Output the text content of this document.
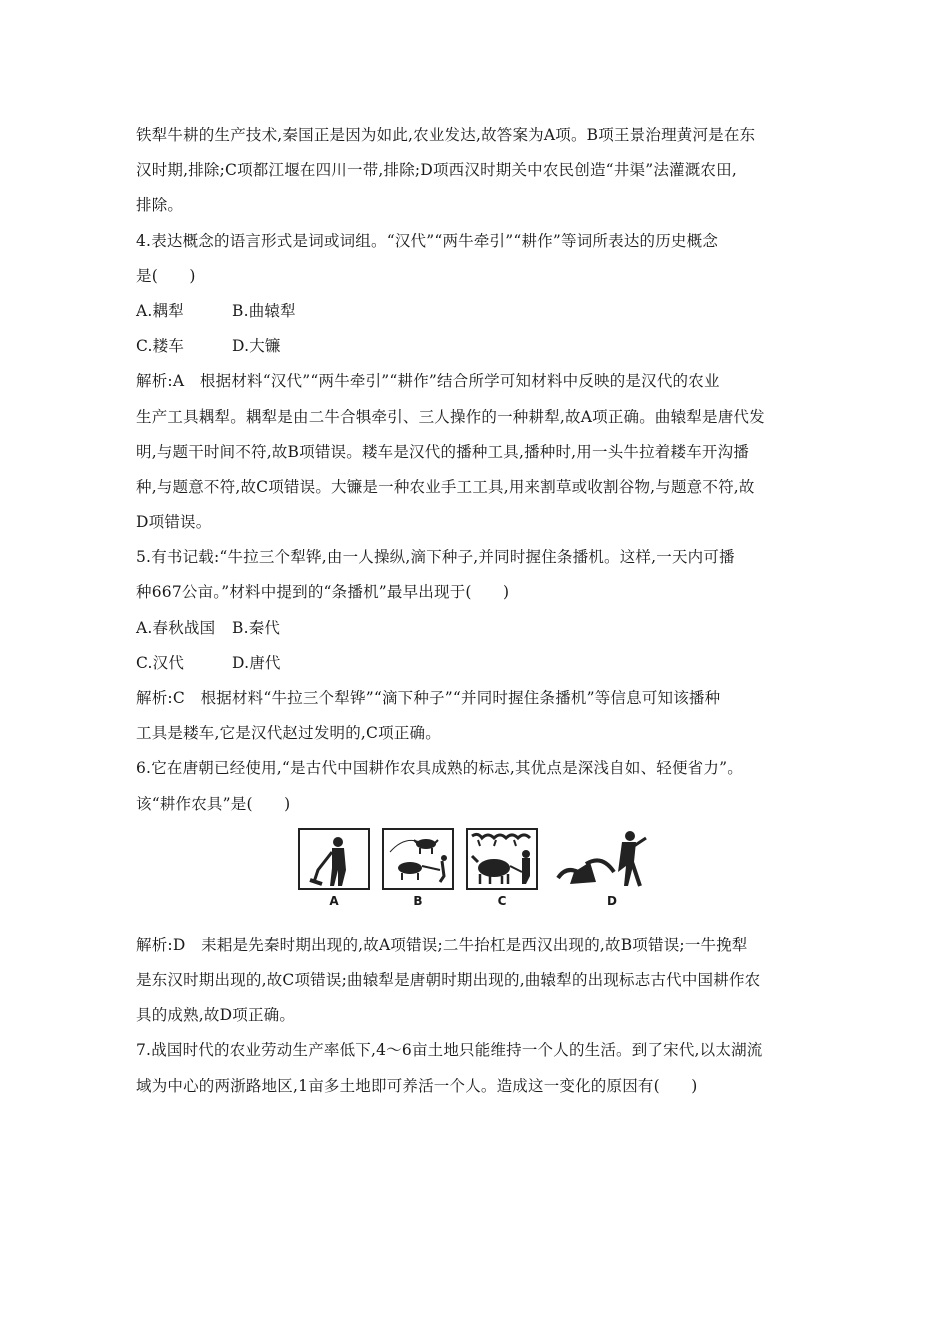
铁犁牛耕的生产技术,秦国正是因为如此,农业发达,故答案为A项。B项王景治理黄河是在东
汉时期,排除;C项都江堰在四川一带,排除;D项西汉时期关中农民创造“井渠”法灌溉农田,
排除。
4.表达概念的语言形式是词或词组。“汉代”“两牛牵引”“耕作”等词所表达的历史概念
是(　　)
A.耦犁	B.曲辕犁
C.耧车	D.大镰
解析:A　根据材料“汉代”“两牛牵引”“耕作”结合所学可知材料中反映的是汉代的农业
生产工具耦犁。耦犁是由二牛合犋牵引、三人操作的一种耕犁,故A项正确。曲辕犁是唐代发
明,与题干时间不符,故B项错误。耧车是汉代的播种工具,播种时,用一头牛拉着耧车开沟播
种,与题意不符,故C项错误。大镰是一种农业手工工具,用来割草或收割谷物,与题意不符,故
D项错误。
5.有书记载:“牛拉三个犁铧,由一人操纵,滴下种子,并同时握住条播机。这样,一天内可播
种667公亩。”材料中提到的“条播机”最早出现于(　　)
A.春秋战国 B.秦代
C.汉代	D.唐代
解析:C　根据材料“牛拉三个犁铧”“滴下种子”“并同时握住条播机”等信息可知该播种
工具是耧车,它是汉代赵过发明的,C项正确。
6.它在唐朝已经使用,“是古代中国耕作农具成熟的标志,其优点是深浅自如、轻便省力”。
该“耕作农具”是(　　)
A	B	C	D
解析:D　耒耜是先秦时期出现的,故A项错误;二牛抬杠是西汉出现的,故B项错误;一牛挽犁
是东汉时期出现的,故C项错误;曲辕犁是唐朝时期出现的,曲辕犁的出现标志古代中国耕作农
具的成熟,故D项正确。
7.战国时代的农业劳动生产率低下,4～6亩土地只能维持一个人的生活。到了宋代,以太湖流
域为中心的两浙路地区,1亩多土地即可养活一个人。造成这一变化的原因有(　　)
